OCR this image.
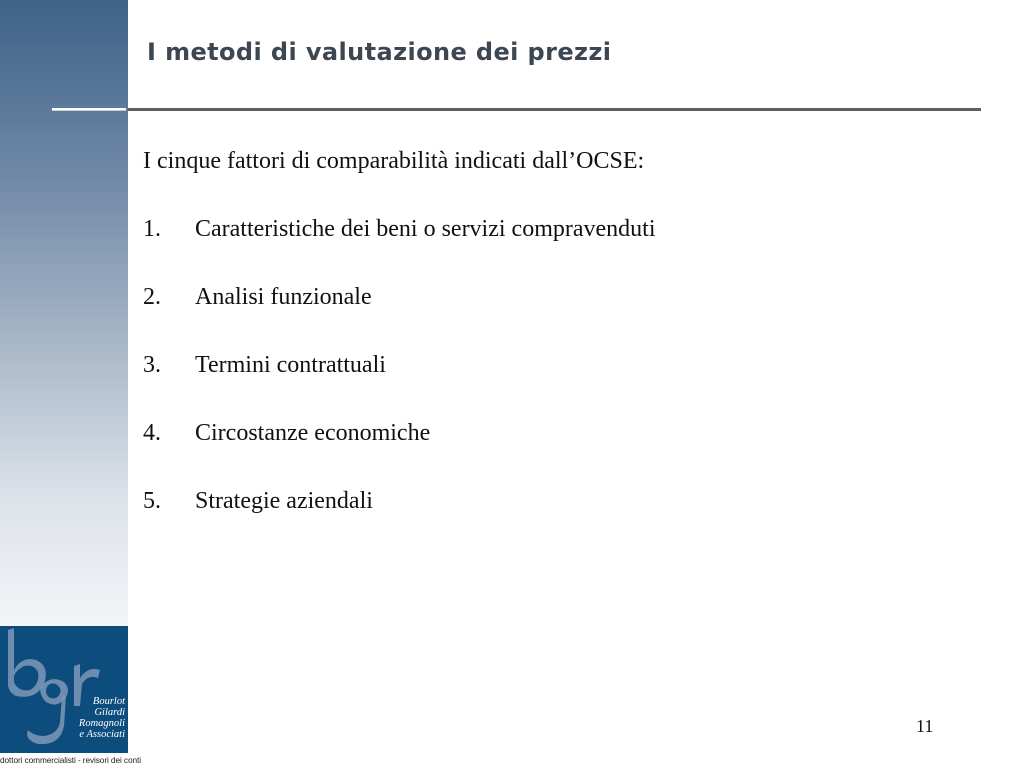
Bourlot
Gilardi
Romagnoli
e Associati
dottori commercialisti - revisori dei conti
I metodi di valutazione dei prezzi

I cinque fattori di comparabilità indicati dall’OCSE:

1. Caratteristiche dei beni o servizi compravenduti
2. Analisi funzionale
3. Termini contrattuali
4. Circostanze economiche
5. Strategie aziendali
11
